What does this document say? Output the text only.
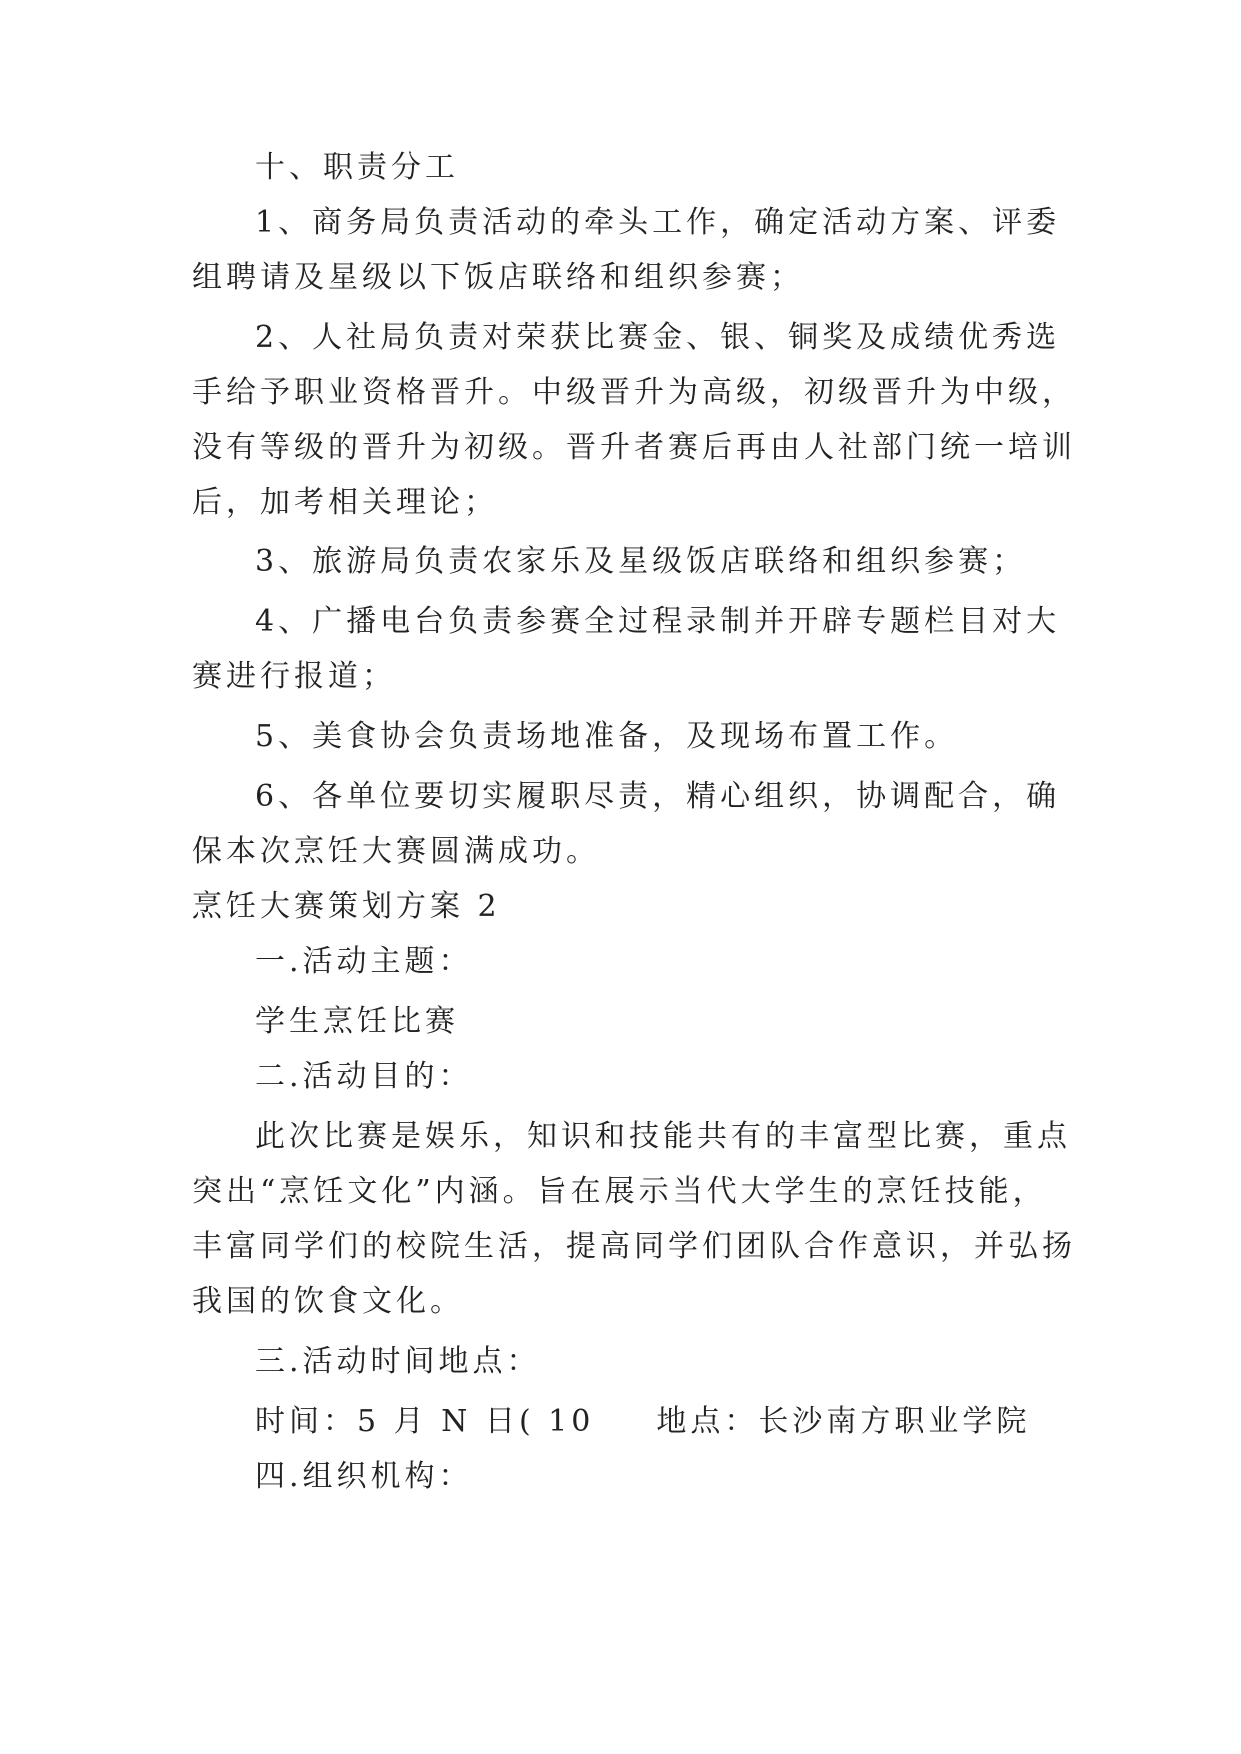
十、职责分工
1、商务局负责活动的牵头工作，确定活动方案、评委
组聘请及星级以下饭店联络和组织参赛；
2、人社局负责对荣获比赛金、银、铜奖及成绩优秀选
手给予职业资格晋升。中级晋升为高级，初级晋升为中级，
没有等级的晋升为初级。晋升者赛后再由人社部门统一培训
后，加考相关理论；
3、旅游局负责农家乐及星级饭店联络和组织参赛；
4、广播电台负责参赛全过程录制并开辟专题栏目对大
赛进行报道；
5、美食协会负责场地准备，及现场布置工作。
6、各单位要切实履职尽责，精心组织，协调配合，确
保本次烹饪大赛圆满成功。
烹饪大赛策划方案 2
一.活动主题：
学生烹饪比赛
二.活动目的：
此次比赛是娱乐，知识和技能共有的丰富型比赛，重点
突出“烹饪文化”内涵。旨在展示当代大学生的烹饪技能，
丰富同学们的校院生活，提高同学们团队合作意识，并弘扬
我国的饮食文化。
三.活动时间地点：
时间：5 月 N 日( 10 地点：长沙南方职业学院
四.组织机构：
